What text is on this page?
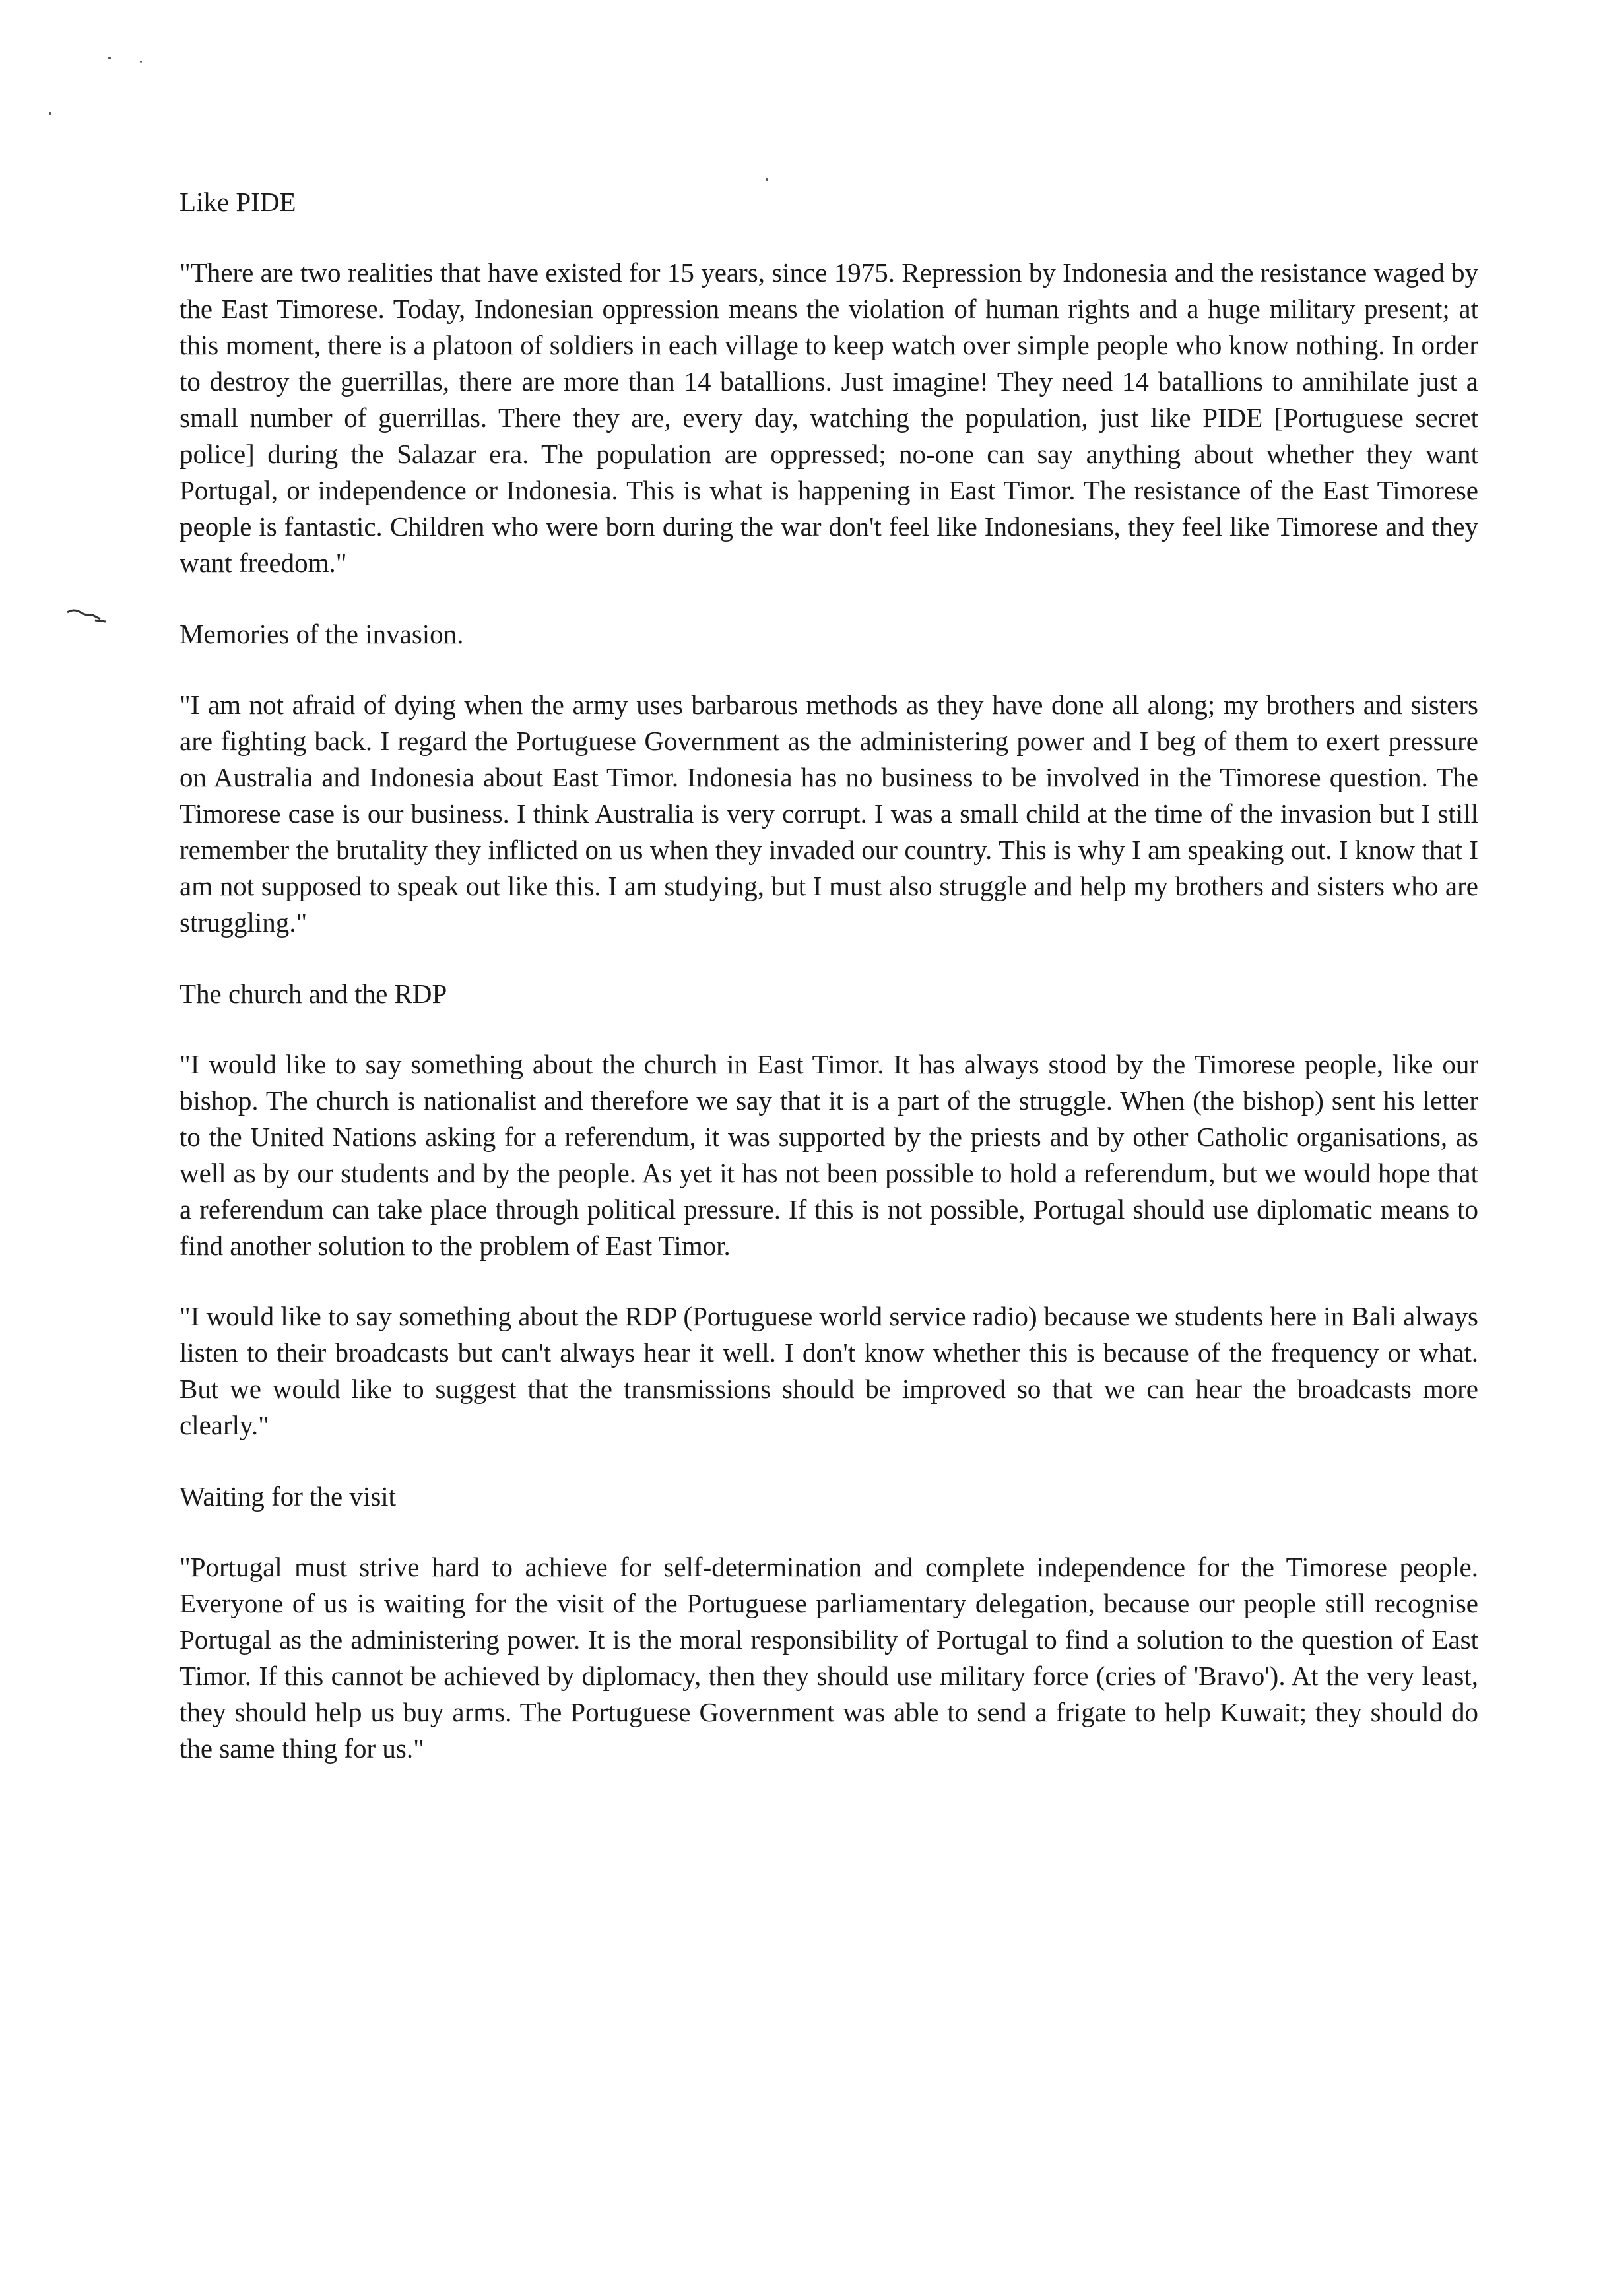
Like PIDE

"There are two realities that have existed for 15 years, since 1975. Repression by Indonesia and the resistance waged by the East Timorese. Today, Indonesian oppression means the violation of human rights and a huge military present; at this moment, there is a platoon of soldiers in each village to keep watch over simple people who know nothing. In order to destroy the guerrillas, there are more than 14 batallions. Just imagine! They need 14 batallions to annihilate just a small number of guerrillas. There they are, every day, watching the population, just like PIDE [Portuguese secret police] during the Salazar era. The population are oppressed; no-one can say anything about whether they want Portugal, or independence or Indonesia. This is what is happening in East Timor. The resistance of the East Timorese people is fantastic. Children who were born during the war don't feel like Indonesians, they feel like Timorese and they want freedom."

Memories of the invasion.

"I am not afraid of dying when the army uses barbarous methods as they have done all along; my brothers and sisters are fighting back. I regard the Portuguese Government as the administering power and I beg of them to exert pressure on Australia and Indonesia about East Timor. Indonesia has no business to be involved in the Timorese question. The Timorese case is our business. I think Australia is very corrupt. I was a small child at the time of the invasion but I still remember the brutality they inflicted on us when they invaded our country. This is why I am speaking out. I know that I am not supposed to speak out like this. I am studying, but I must also struggle and help my brothers and sisters who are struggling."

The church and the RDP

"I would like to say something about the church in East Timor. It has always stood by the Timorese people, like our bishop. The church is nationalist and therefore we say that it is a part of the struggle. When (the bishop) sent his letter to the United Nations asking for a referendum, it was supported by the priests and by other Catholic organisations, as well as by our students and by the people. As yet it has not been possible to hold a referendum, but we would hope that a referendum can take place through political pressure. If this is not possible, Portugal should use diplomatic means to find another solution to the problem of East Timor.

"I would like to say something about the RDP (Portuguese world service radio) because we students here in Bali always listen to their broadcasts but can't always hear it well. I don't know whether this is because of the frequency or what. But we would like to suggest that the transmissions should be improved so that we can hear the broadcasts more clearly."

Waiting for the visit

"Portugal must strive hard to achieve for self-determination and complete independence for the Timorese people. Everyone of us is waiting for the visit of the Portuguese parliamentary delegation, because our people still recognise Portugal as the administering power. It is the moral responsibility of Portugal to find a solution to the question of East Timor. If this cannot be achieved by diplomacy, then they should use military force (cries of 'Bravo'). At the very least, they should help us buy arms. The Portuguese Government was able to send a frigate to help Kuwait; they should do the same thing for us."
